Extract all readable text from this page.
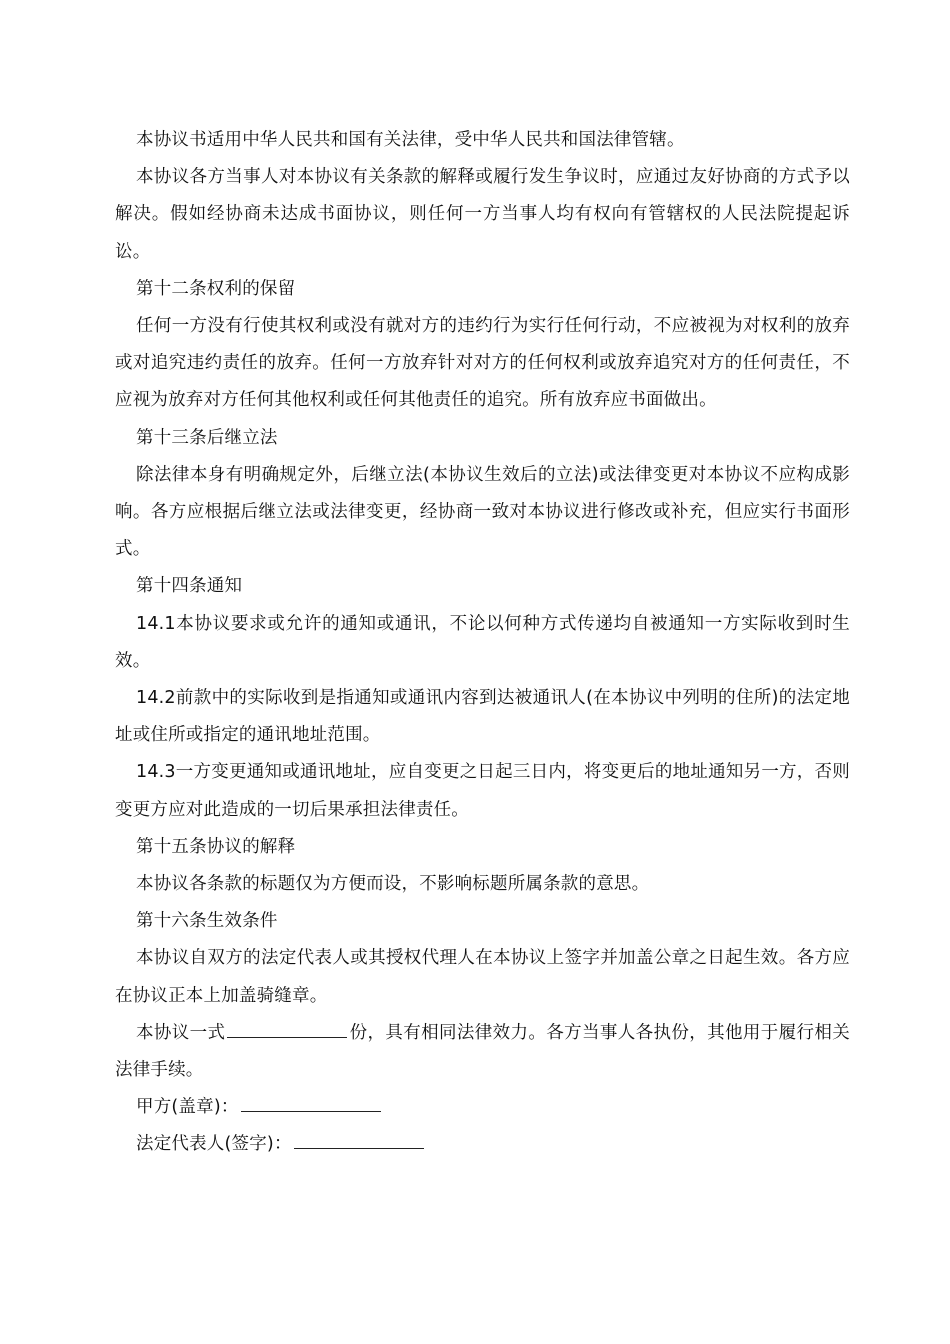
本协议书适用中华人民共和国有关法律，受中华人民共和国法律管辖。

本协议各方当事人对本协议有关条款的解释或履行发生争议时，应通过友好协商的方式予以解决。假如经协商未达成书面协议，则任何一方当事人均有权向有管辖权的人民法院提起诉讼。

第十二条权利的保留

任何一方没有行使其权利或没有就对方的违约行为实行任何行动，不应被视为对权利的放弃或对追究违约责任的放弃。任何一方放弃针对对方的任何权利或放弃追究对方的任何责任，不应视为放弃对方任何其他权利或任何其他责任的追究。所有放弃应书面做出。

第十三条后继立法

除法律本身有明确规定外，后继立法(本协议生效后的立法)或法律变更对本协议不应构成影响。各方应根据后继立法或法律变更，经协商一致对本协议进行修改或补充，但应实行书面形式。

第十四条通知

14.1本协议要求或允许的通知或通讯，不论以何种方式传递均自被通知一方实际收到时生效。

14.2前款中的实际收到是指通知或通讯内容到达被通讯人(在本协议中列明的住所)的法定地址或住所或指定的通讯地址范围。

14.3一方变更通知或通讯地址，应自变更之日起三日内，将变更后的地址通知另一方，否则变更方应对此造成的一切后果承担法律责任。

第十五条协议的解释

本协议各条款的标题仅为方便而设，不影响标题所属条款的意思。

第十六条生效条件

本协议自双方的法定代表人或其授权代理人在本协议上签字并加盖公章之日起生效。各方应在协议正本上加盖骑缝章。

本协议一式	份，具有相同法律效力。各方当事人各执份，其他用于履行相关法律手续。

甲方(盖章)：

法定代表人(签字)：
